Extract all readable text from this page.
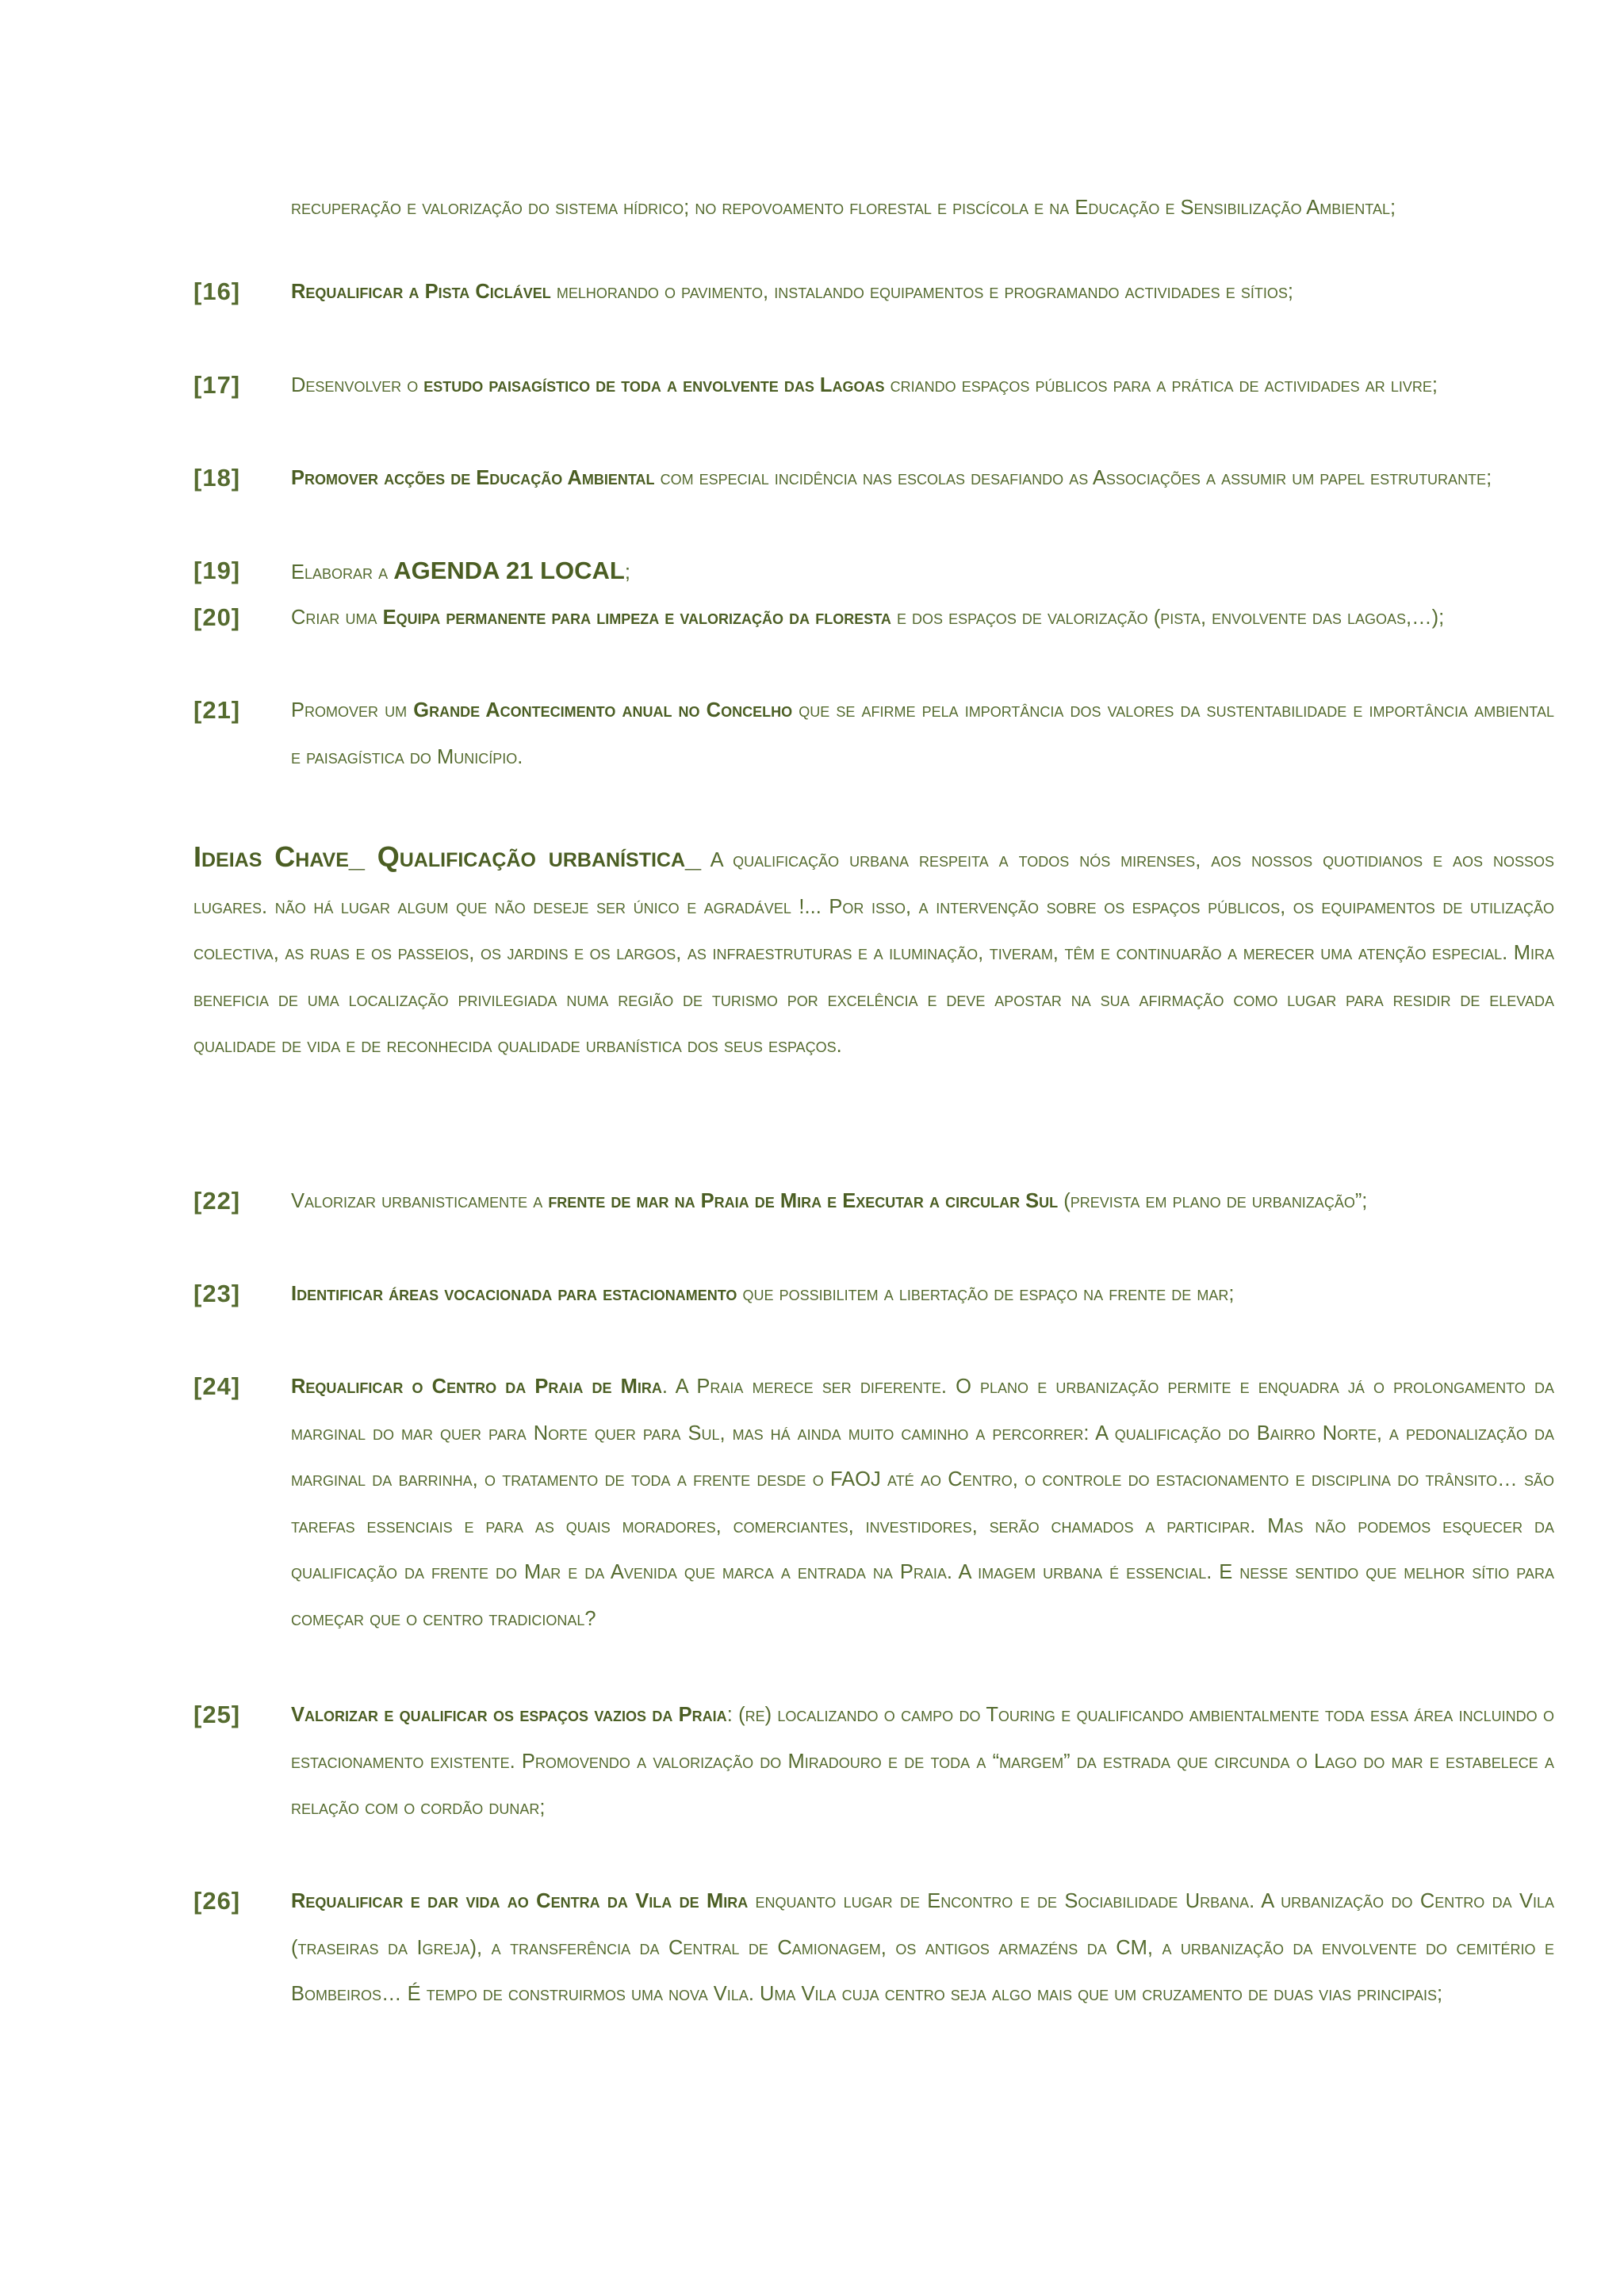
recuperação e valorização do sistema hídrico; no repovoamento florestal e piscícola e na Educação e Sensibilização Ambiental;
[16]	Requalificar a Pista Ciclável melhorando o pavimento, instalando equipamentos e programando actividades e sítios;
[17]	Desenvolver o estudo paisagístico de toda a envolvente das Lagoas criando espaços públicos para a prática de actividades ar livre;
[18]	Promover acções de Educação Ambiental com especial incidência nas escolas desafiando as Associações a assumir um papel estruturante;
[19]	Elaborar a AGENDA 21 LOCAL;
[20]	Criar uma Equipa permanente para limpeza e valorização da floresta e dos espaços de valorização (pista, envolvente das lagoas,…);
[21]	Promover um Grande Acontecimento anual no Concelho que se afirme pela importância dos valores da sustentabilidade e importância ambiental e paisagística do Município.
Ideias Chave_ Qualificação urbanística_ A qualificação urbana respeita a todos nós mirenses, aos nossos quotidianos e aos nossos lugares. não há lugar algum que não deseje ser único e agradável !... Por isso, a intervenção sobre os espaços públicos, os equipamentos de utilização colectiva, as ruas e os passeios, os jardins e os largos, as infraestruturas e a iluminação, tiveram, têm e continuarão a merecer uma atenção especial. Mira beneficia de uma localização privilegiada numa região de turismo por excelência e deve apostar na sua afirmação como lugar para residir de elevada qualidade de vida e de reconhecida qualidade urbanística dos seus espaços.
[22]	Valorizar urbanisticamente a frente de mar na Praia de Mira e Executar a circular Sul (prevista em plano de urbanização”;
[23]	Identificar áreas vocacionada para estacionamento que possibilitem a libertação de espaço na frente de mar;
[24]	Requalificar o Centro da Praia de Mira. A Praia merece ser diferente. O plano e urbanização permite e enquadra já o prolongamento da marginal do mar quer para Norte quer para Sul, mas há ainda muito caminho a percorrer: A qualificação do Bairro Norte, a pedonalização da marginal da barrinha, o tratamento de toda a frente desde o FAOJ até ao Centro, o controle do estacionamento e disciplina do trânsito… são tarefas essenciais e para as quais moradores, comerciantes, investidores, serão chamados a participar. Mas não podemos esquecer da qualificação da frente do Mar e da Avenida que marca a entrada na Praia. A imagem urbana é essencial. E nesse sentido que melhor sítio para começar que o centro tradicional?
[25]	Valorizar e qualificar os espaços vazios da Praia: (re) localizando o campo do Touring e qualificando ambientalmente toda essa área incluindo o estacionamento existente. Promovendo a valorização do Miradouro e de toda a “margem” da estrada que circunda o Lago do mar e estabelece a relação com o cordão dunar;
[26]	Requalificar e dar vida ao Centra da Vila de Mira enquanto lugar de Encontro e de Sociabilidade Urbana. A urbanização do Centro da Vila (traseiras da Igreja), a transferência da Central de Camionagem, os antigos armazéns da CM, a urbanização da envolvente do cemitério e Bombeiros… É tempo de construirmos uma nova Vila. Uma Vila cuja centro seja algo mais que um cruzamento de duas vias principais;
